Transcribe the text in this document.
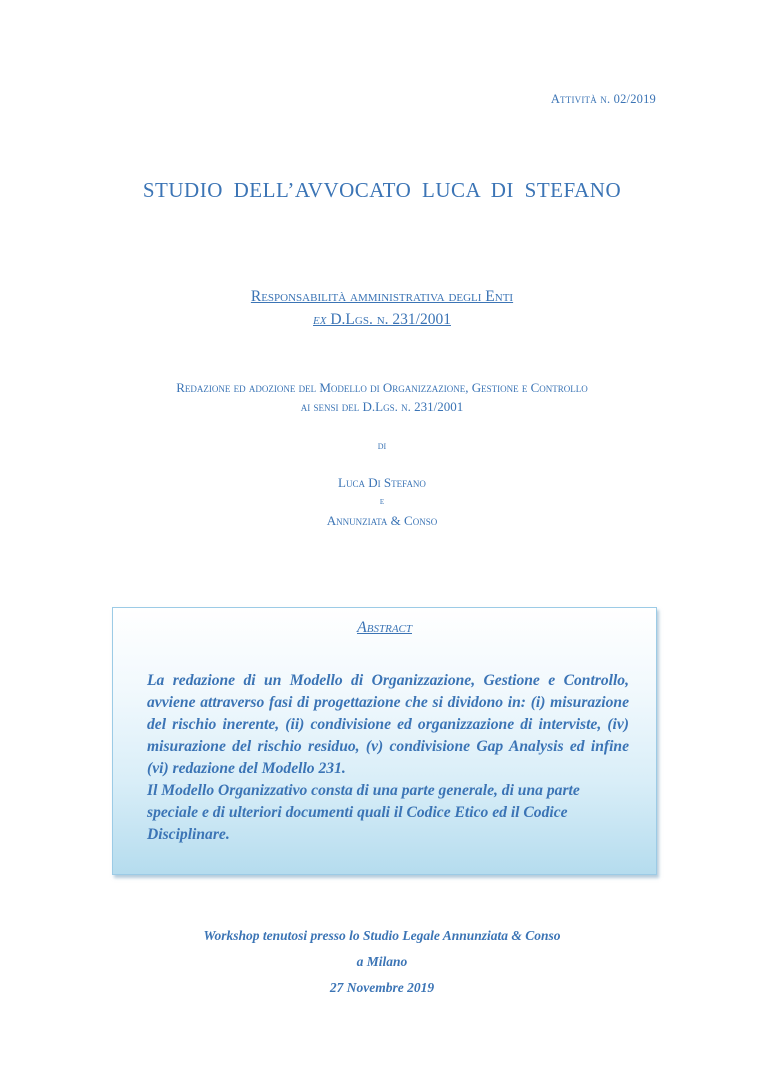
Attività n. 02/2019
STUDIO DELL’AVVOCATO LUCA DI STEFANO
Responsabilità amministrativa degli Enti
ex D.Lgs. n. 231/2001
Redazione ed adozione del Modello di Organizzazione, Gestione e Controllo
ai sensi del D.Lgs. n. 231/2001
di
Luca Di Stefano
e
Annunziata & Conso
Abstract

La redazione di un Modello di Organizzazione, Gestione e Controllo, avviene attraverso fasi di progettazione che si dividono in: (i) misurazione del rischio inerente, (ii) condivisione ed organizzazione di interviste, (iv) misurazione del rischio residuo, (v) condivisione Gap Analysis ed infine (vi) redazione del Modello 231.

Il Modello Organizzativo consta di una parte generale, di una parte speciale e di ulteriori documenti quali il Codice Etico ed il Codice Disciplinare.

Workshop tenutosi presso lo Studio Legale Annunziata & Conso
a Milano
27 Novembre 2019
